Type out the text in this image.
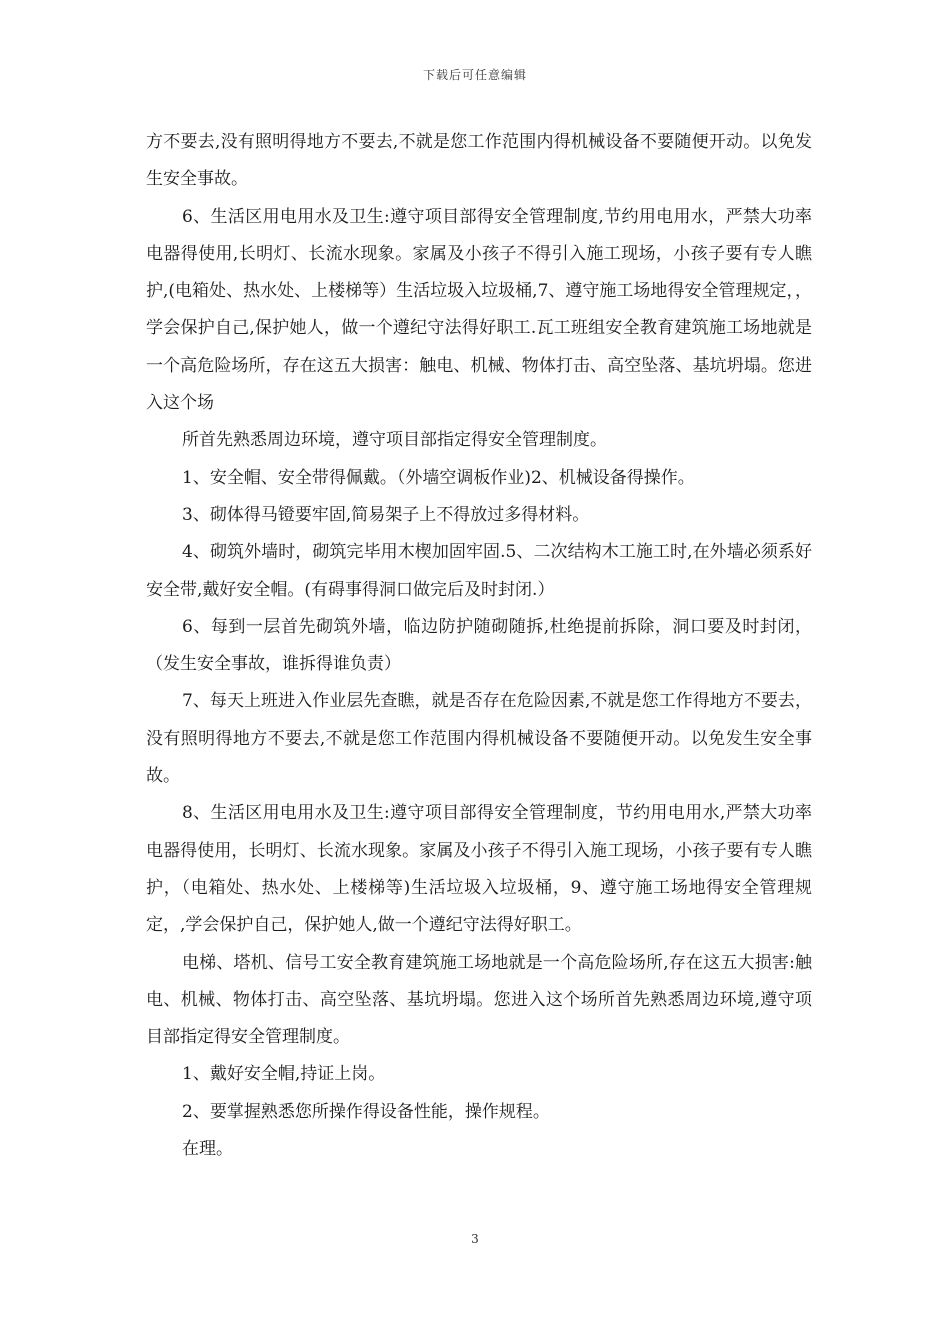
下载后可任意编辑

方不要去,没有照明得地方不要去,不就是您工作范围内得机械设备不要随便开动。以免发生安全事故。

6、生活区用电用水及卫生:遵守项目部得安全管理制度,节约用电用水，严禁大功率电器得使用,长明灯、长流水现象。家属及小孩子不得引入施工现场，小孩子要有专人瞧护,(电箱处、热水处、上楼梯等）生活垃圾入垃圾桶,7、遵守施工场地得安全管理规定，，学会保护自己,保护她人，做一个遵纪守法得好职工.瓦工班组安全教育建筑施工场地就是一个高危险场所，存在这五大损害：触电、机械、物体打击、高空坠落、基坑坍塌。您进入这个场

所首先熟悉周边环境，遵守项目部指定得安全管理制度。

1、安全帽、安全带得佩戴。（外墙空调板作业)2、机械设备得操作。

3、砌体得马镫要牢固,简易架子上不得放过多得材料。

4、砌筑外墙时，砌筑完毕用木楔加固牢固.5、二次结构木工施工时,在外墙必须系好安全带,戴好安全帽。(有碍事得洞口做完后及时封闭.）

6、每到一层首先砌筑外墙，临边防护随砌随拆,杜绝提前拆除，洞口要及时封闭，（发生安全事故，谁拆得谁负责）

7、每天上班进入作业层先查瞧，就是否存在危险因素,不就是您工作得地方不要去，没有照明得地方不要去,不就是您工作范围内得机械设备不要随便开动。以免发生安全事故。

8、生活区用电用水及卫生:遵守项目部得安全管理制度，节约用电用水,严禁大功率电器得使用，长明灯、长流水现象。家属及小孩子不得引入施工现场，小孩子要有专人瞧护，（电箱处、热水处、上楼梯等)生活垃圾入垃圾桶，9、遵守施工场地得安全管理规定，,学会保护自己，保护她人,做一个遵纪守法得好职工。

电梯、塔机、信号工安全教育建筑施工场地就是一个高危险场所,存在这五大损害:触电、机械、物体打击、高空坠落、基坑坍塌。您进入这个场所首先熟悉周边环境,遵守项目部指定得安全管理制度。

1、戴好安全帽,持证上岗。

2、要掌握熟悉您所操作得设备性能，操作规程。

在理。

3
